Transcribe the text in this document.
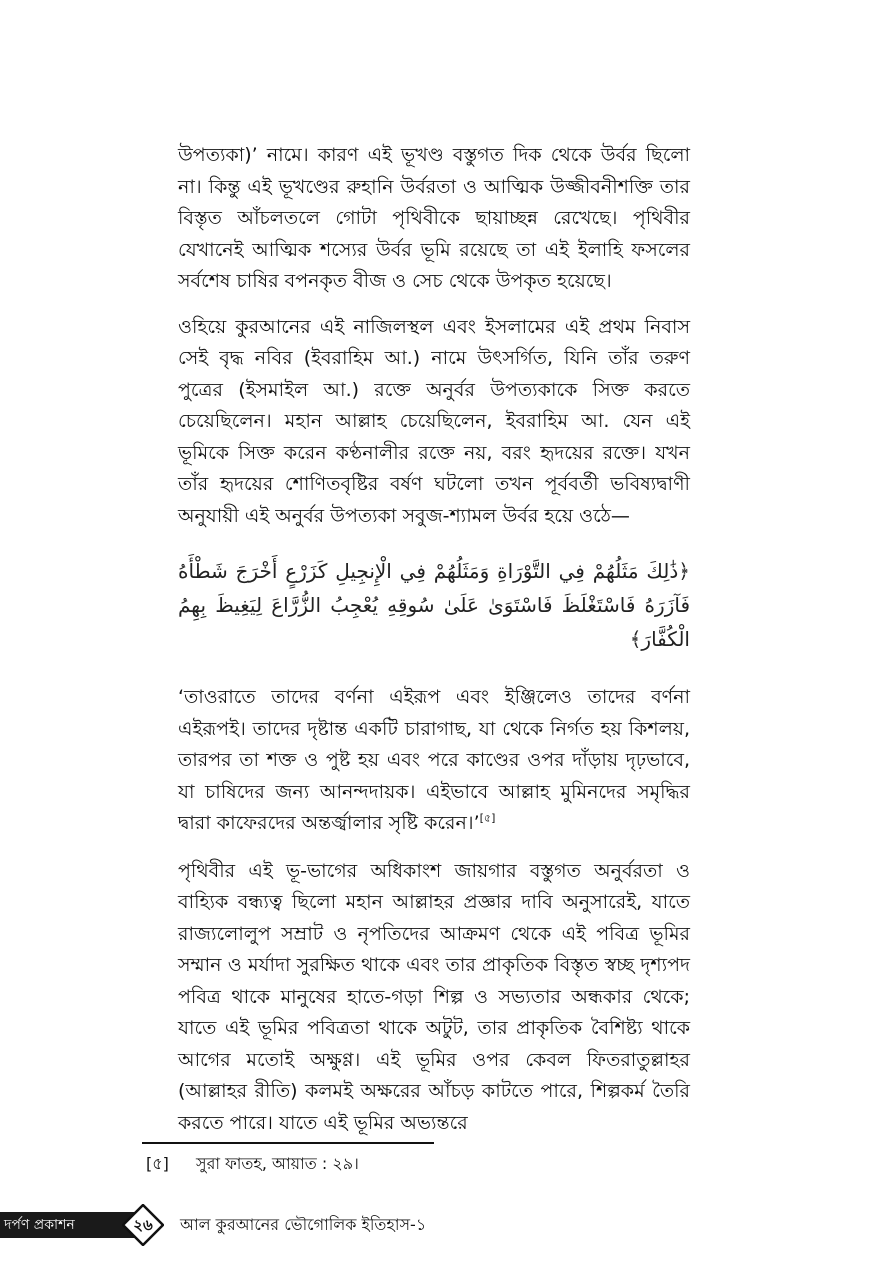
উপত্যকা)’ নামে। কারণ এই ভূখণ্ড বস্তুগত দিক থেকে উর্বর ছিলো না। কিন্তু এই ভূখণ্ডের রুহানি উর্বরতা ও আত্মিক উজ্জীবনীশক্তি তার বিস্তৃত আঁচলতলে গোটা পৃথিবীকে ছায়াচ্ছন্ন রেখেছে। পৃথিবীর যেখানেই আত্মিক শস্যের উর্বর ভূমি রয়েছে তা এই ইলাহি ফসলের সর্বশেষ চাষির বপনকৃত বীজ ও সেচ থেকে উপকৃত হয়েছে।

ওহিয়ে কুরআনের এই নাজিলস্থল এবং ইসলামের এই প্রথম নিবাস সেই বৃদ্ধ নবির (ইবরাহিম আ.) নামে উৎসর্গিত, যিনি তাঁর তরুণ পুত্রের (ইসমাইল আ.) রক্তে অনুর্বর উপত্যকাকে সিক্ত করতে চেয়েছিলেন। মহান আল্লাহ চেয়েছিলেন, ইবরাহিম আ. যেন এই ভূমিকে সিক্ত করেন কণ্ঠনালীর রক্তে নয়, বরং হৃদয়ের রক্তে। যখন তাঁর হৃদয়ের শোণিতবৃষ্টির বর্ষণ ঘটলো তখন পূর্ববর্তী ভবিষ্যদ্বাণী অনুযায়ী এই অনুর্বর উপত্যকা সবুজ-শ্যামল উর্বর হয়ে ওঠে—

﴿ذَٰلِكَ مَثَلُهُمْ فِي التَّوْرَاةِ وَمَثَلُهُمْ فِي الْإِنجِيلِ كَزَرْعٍ أَخْرَجَ شَطْأَهُ فَآزَرَهُ فَاسْتَغْلَظَ فَاسْتَوَىٰ عَلَىٰ سُوقِهِ يُعْجِبُ الزُّرَّاعَ لِيَغِيظَ بِهِمُ الْكُفَّارَ﴾

‘তাওরাতে তাদের বর্ণনা এইরূপ এবং ইঞ্জিলেও তাদের বর্ণনা এইরূপই। তাদের দৃষ্টান্ত একটি চারাগাছ, যা থেকে নির্গত হয় কিশলয়, তারপর তা শক্ত ও পুষ্ট হয় এবং পরে কাণ্ডের ওপর দাঁড়ায় দৃঢ়ভাবে, যা চাষিদের জন্য আনন্দদায়ক। এইভাবে আল্লাহ মুমিনদের সমৃদ্ধির দ্বারা কাফেরদের অন্তর্জ্বালার সৃষ্টি করেন।’[৫]

পৃথিবীর এই ভূ-ভাগের অধিকাংশ জায়গার বস্তুগত অনুর্বরতা ও বাহ্যিক বন্ধ্যত্ব ছিলো মহান আল্লাহর প্রজ্ঞার দাবি অনুসারেই, যাতে রাজ্যলোলুপ সম্রাট ও নৃপতিদের আক্রমণ থেকে এই পবিত্র ভূমির সম্মান ও মর্যাদা সুরক্ষিত থাকে এবং তার প্রাকৃতিক বিস্তৃত স্বচ্ছ দৃশ্যপদ পবিত্র থাকে মানুষের হাতে-গড়া শিল্প ও সভ্যতার অন্ধকার থেকে; যাতে এই ভূমির পবিত্রতা থাকে অটুট, তার প্রাকৃতিক বৈশিষ্ট্য থাকে আগের মতোই অক্ষুণ্ণ। এই ভূমির ওপর কেবল ফিতরাতুল্লাহর (আল্লাহর রীতি) কলমই অক্ষরের আঁচড় কাটতে পারে, শিল্পকর্ম তৈরি করতে পারে। যাতে এই ভূমির অভ্যন্তরে

[৫] সুরা ফাতহ, আয়াত : ২৯।
দর্পণ প্রকাশন	২৬	আল কুরআনের ভৌগোলিক ইতিহাস-১
